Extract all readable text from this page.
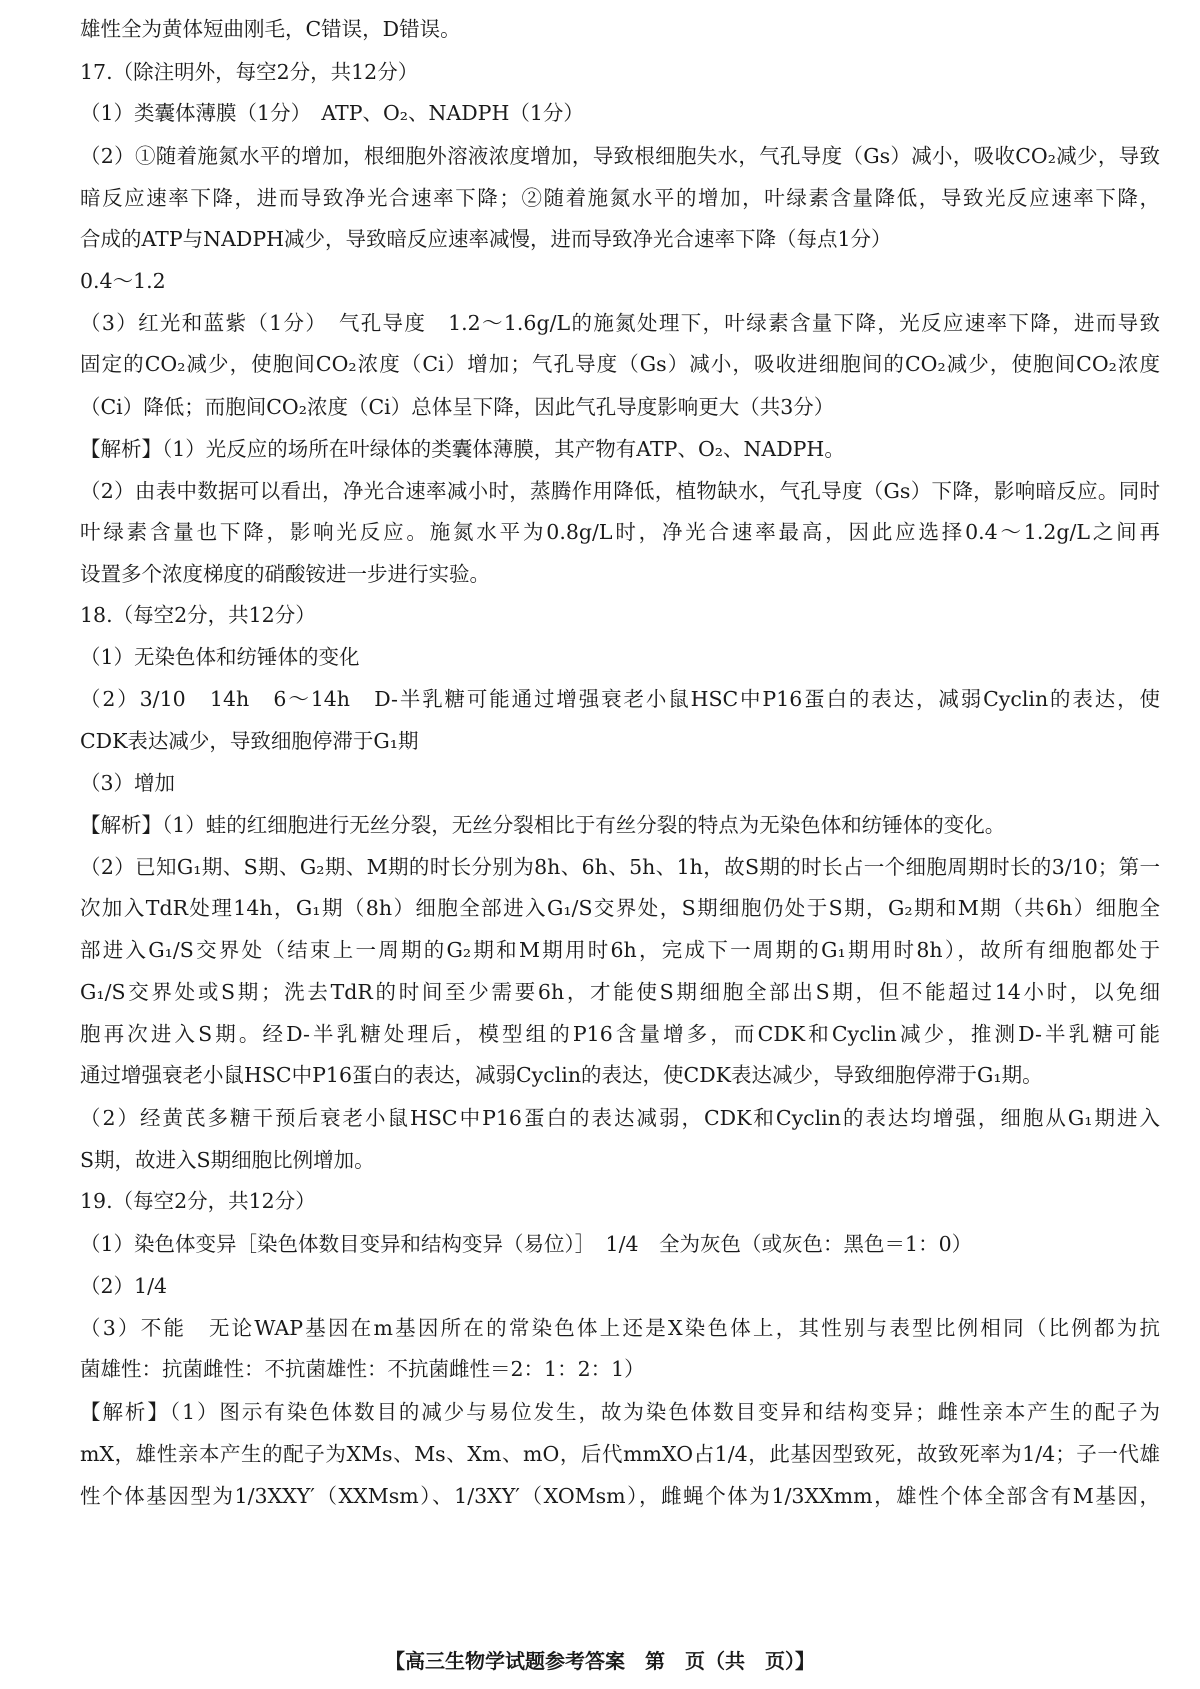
雄性全为黄体短曲刚毛，C错误，D错误。
17.（除注明外，每空2分，共12分）
（1）类囊体薄膜（1分）　ATP、O₂、NADPH（1分）
（2）①随着施氮水平的增加，根细胞外溶液浓度增加，导致根细胞失水，气孔导度（Gs）减小，吸收CO₂减少，导致
暗反应速率下降，进而导致净光合速率下降；②随着施氮水平的增加，叶绿素含量降低，导致光反应速率下降，
合成的ATP与NADPH减少，导致暗反应速率减慢，进而导致净光合速率下降（每点1分）
0.4～1.2
（3）红光和蓝紫（1分）　气孔导度　1.2～1.6g/L的施氮处理下，叶绿素含量下降，光反应速率下降，进而导致
固定的CO₂减少，使胞间CO₂浓度（Ci）增加；气孔导度（Gs）减小，吸收进细胞间的CO₂减少，使胞间CO₂浓度
（Ci）降低；而胞间CO₂浓度（Ci）总体呈下降，因此气孔导度影响更大（共3分）
【解析】（1）光反应的场所在叶绿体的类囊体薄膜，其产物有ATP、O₂、NADPH。
（2）由表中数据可以看出，净光合速率减小时，蒸腾作用降低，植物缺水，气孔导度（Gs）下降，影响暗反应。同时
叶绿素含量也下降，影响光反应。施氮水平为0.8g/L时，净光合速率最高，因此应选择0.4～1.2g/L之间再
设置多个浓度梯度的硝酸铵进一步进行实验。
18.（每空2分，共12分）
（1）无染色体和纺锤体的变化
（2）3/10　14h　6～14h　D-半乳糖可能通过增强衰老小鼠HSC中P16蛋白的表达，减弱Cyclin的表达，使
CDK表达减少，导致细胞停滞于G₁期
（3）增加
【解析】（1）蛙的红细胞进行无丝分裂，无丝分裂相比于有丝分裂的特点为无染色体和纺锤体的变化。
（2）已知G₁期、S期、G₂期、M期的时长分别为8h、6h、5h、1h，故S期的时长占一个细胞周期时长的3/10；第一
次加入TdR处理14h，G₁期（8h）细胞全部进入G₁/S交界处，S期细胞仍处于S期，G₂期和M期（共6h）细胞全
部进入G₁/S交界处（结束上一周期的G₂期和M期用时6h，完成下一周期的G₁期用时8h），故所有细胞都处于
G₁/S交界处或S期；洗去TdR的时间至少需要6h，才能使S期细胞全部出S期，但不能超过14小时，以免细
胞再次进入S期。经D-半乳糖处理后，模型组的P16含量增多，而CDK和Cyclin减少，推测D-半乳糖可能
通过增强衰老小鼠HSC中P16蛋白的表达，减弱Cyclin的表达，使CDK表达减少，导致细胞停滞于G₁期。
（2）经黄芪多糖干预后衰老小鼠HSC中P16蛋白的表达减弱，CDK和Cyclin的表达均增强，细胞从G₁期进入
S期，故进入S期细胞比例增加。
19.（每空2分，共12分）
（1）染色体变异［染色体数目变异和结构变异（易位）］　1/4　全为灰色（或灰色：黑色＝1：0）
（2）1/4
（3）不能　无论WAP基因在m基因所在的常染色体上还是X染色体上，其性别与表型比例相同（比例都为抗
菌雄性：抗菌雌性：不抗菌雄性：不抗菌雌性＝2：1：2：1）
【解析】（1）图示有染色体数目的减少与易位发生，故为染色体数目变异和结构变异；雌性亲本产生的配子为
mX，雄性亲本产生的配子为XMs、Ms、Xm、mO，后代mmXO占1/4，此基因型致死，故致死率为1/4；子一代雄
性个体基因型为1/3XXY′（XXMsm）、1/3XY′（XOMsm），雌蝇个体为1/3XXmm，雄性个体全部含有M基因，
【高三生物学试题参考答案　第　页（共　页）】
